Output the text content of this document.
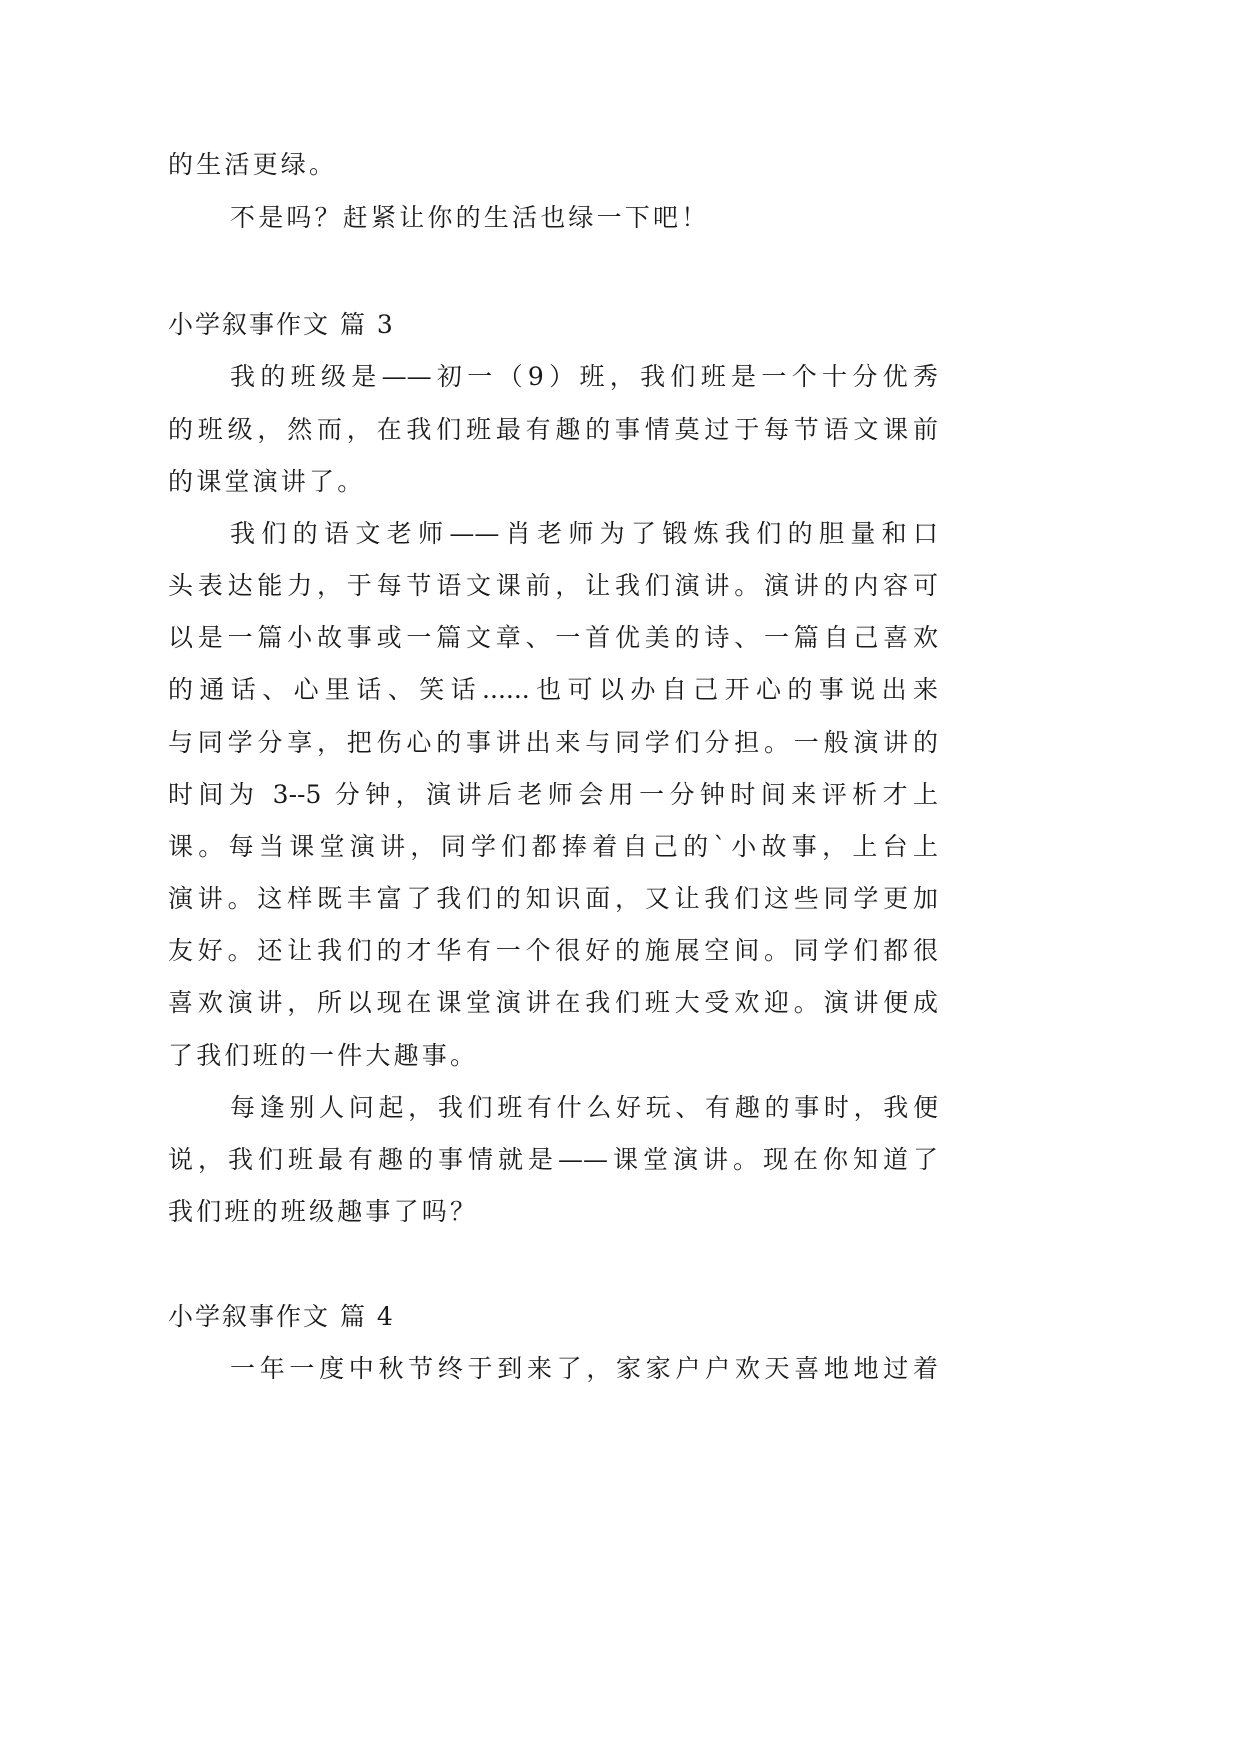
的生活更绿。
不是吗？赶紧让你的生活也绿一下吧！
小学叙事作文 篇 3
我的班级是——初一（9）班，我们班是一个十分优秀
的班级，然而，在我们班最有趣的事情莫过于每节语文课前
的课堂演讲了。
我们的语文老师——肖老师为了锻炼我们的胆量和口
头表达能力，于每节语文课前，让我们演讲。演讲的内容可
以是一篇小故事或一篇文章、一首优美的诗、一篇自己喜欢
的通话、心里话、笑话......也可以办自己开心的事说出来
与同学分享，把伤心的事讲出来与同学们分担。一般演讲的
时间为 3--5 分钟，演讲后老师会用一分钟时间来评析才上
课。每当课堂演讲，同学们都捧着自己的`小故事，上台上
演讲。这样既丰富了我们的知识面，又让我们这些同学更加
友好。还让我们的才华有一个很好的施展空间。同学们都很
喜欢演讲，所以现在课堂演讲在我们班大受欢迎。演讲便成
了我们班的一件大趣事。
每逢别人问起，我们班有什么好玩、有趣的事时，我便
说，我们班最有趣的事情就是——课堂演讲。现在你知道了
我们班的班级趣事了吗？
小学叙事作文 篇 4
一年一度中秋节终于到来了，家家户户欢天喜地地过着
